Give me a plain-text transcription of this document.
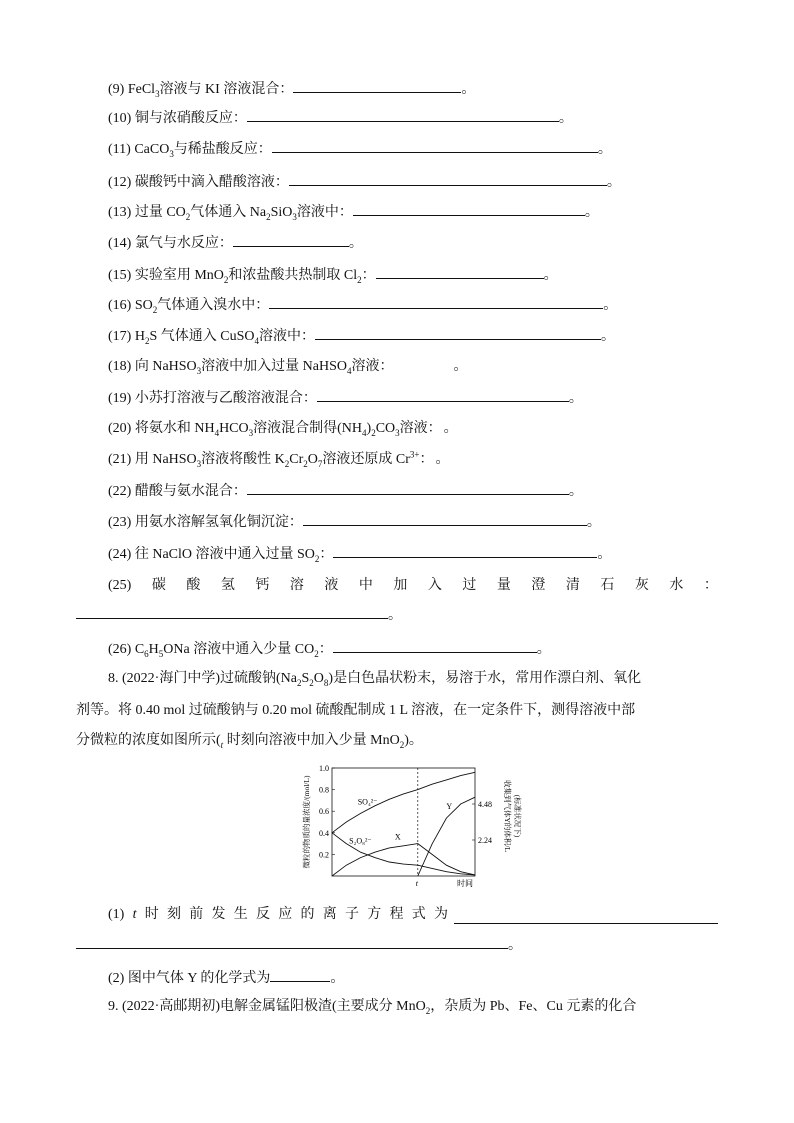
(9) FeCl$_3$溶液与 KI 溶液混合：	。
(10) 铜与浓硝酸反应：	。
(11) CaCO$_3$与稀盐酸反应：	。
(12) 碳酸钙中滴入醋酸溶液：	。
(13) 过量 $CO_2$气体通入 $Na_2SiO_3$溶液中：	。
(14) 氯气与水反应：	。
(15) 实验室用 MnO$_2$和浓盐酸共热制取 $Cl_2$：	。
(16) $SO_2$气体通入溴水中：	。
(17) $H_2S$ 气体通入 CuSO$_4$溶液中：	。
(18) 向 NaHSO$_3$溶液中加入过量 NaHSO$_4$溶液：	。
(19) 小苏打溶液与乙酸溶液混合：	。
(20) 将氨水和 $NH_4HCO_3$溶液混合制得$(NH_4)_2CO_3$溶液： 。
(21) 用 NaHSO$_3$溶液将酸性 $K_2Cr_2O_7$溶液还原成 $Cr^{3+}$： 。
(22) 醋酸与氨水混合：	。
(23) 用氨水溶解氢氧化铜沉淀：	。
(24) 往 NaClO 溶液中通入过量 $SO_2$：	。
(25) 碳 酸 氢 钙 溶 液 中 加 入 过 量 澄 清 石 灰 水 ：
。
(26) $C_6H_5ONa$ 溶液中通入少量 $CO_2$：	。
8. (2022·海门中学)过硫酸钠$(Na_2S_2O_8)$是白色晶状粉末，易溶于水，常用作漂白剂、氧化
剂等。将 0.40 mol 过硫酸钠与 0.20 mol 硫酸配制成 1 L 溶液，在一定条件下，测得溶液中部
分微粒的浓度如图所示($_t$ 时刻向溶液中加入少量 MnO$_2$)。
(1) t 时 刻 前 发 生 反 应 的 离 子 方 程 式 为
。
(2) 图中气体 Y 的化学式为	。
9. (2022·高邮期初)电解金属锰阳极渣(主要成分 MnO$_2$，杂质为 Pb、Fe、Cu 元素的化合
1.0
0.8
0.6
0.4
0.2
4.48
2.24
t	时间
微粒的物质的量浓度/(mol/L)	收集到气体Y的体积/L (标准状况下)
SO₄²⁻
S₂O₈²⁻	X
Y
